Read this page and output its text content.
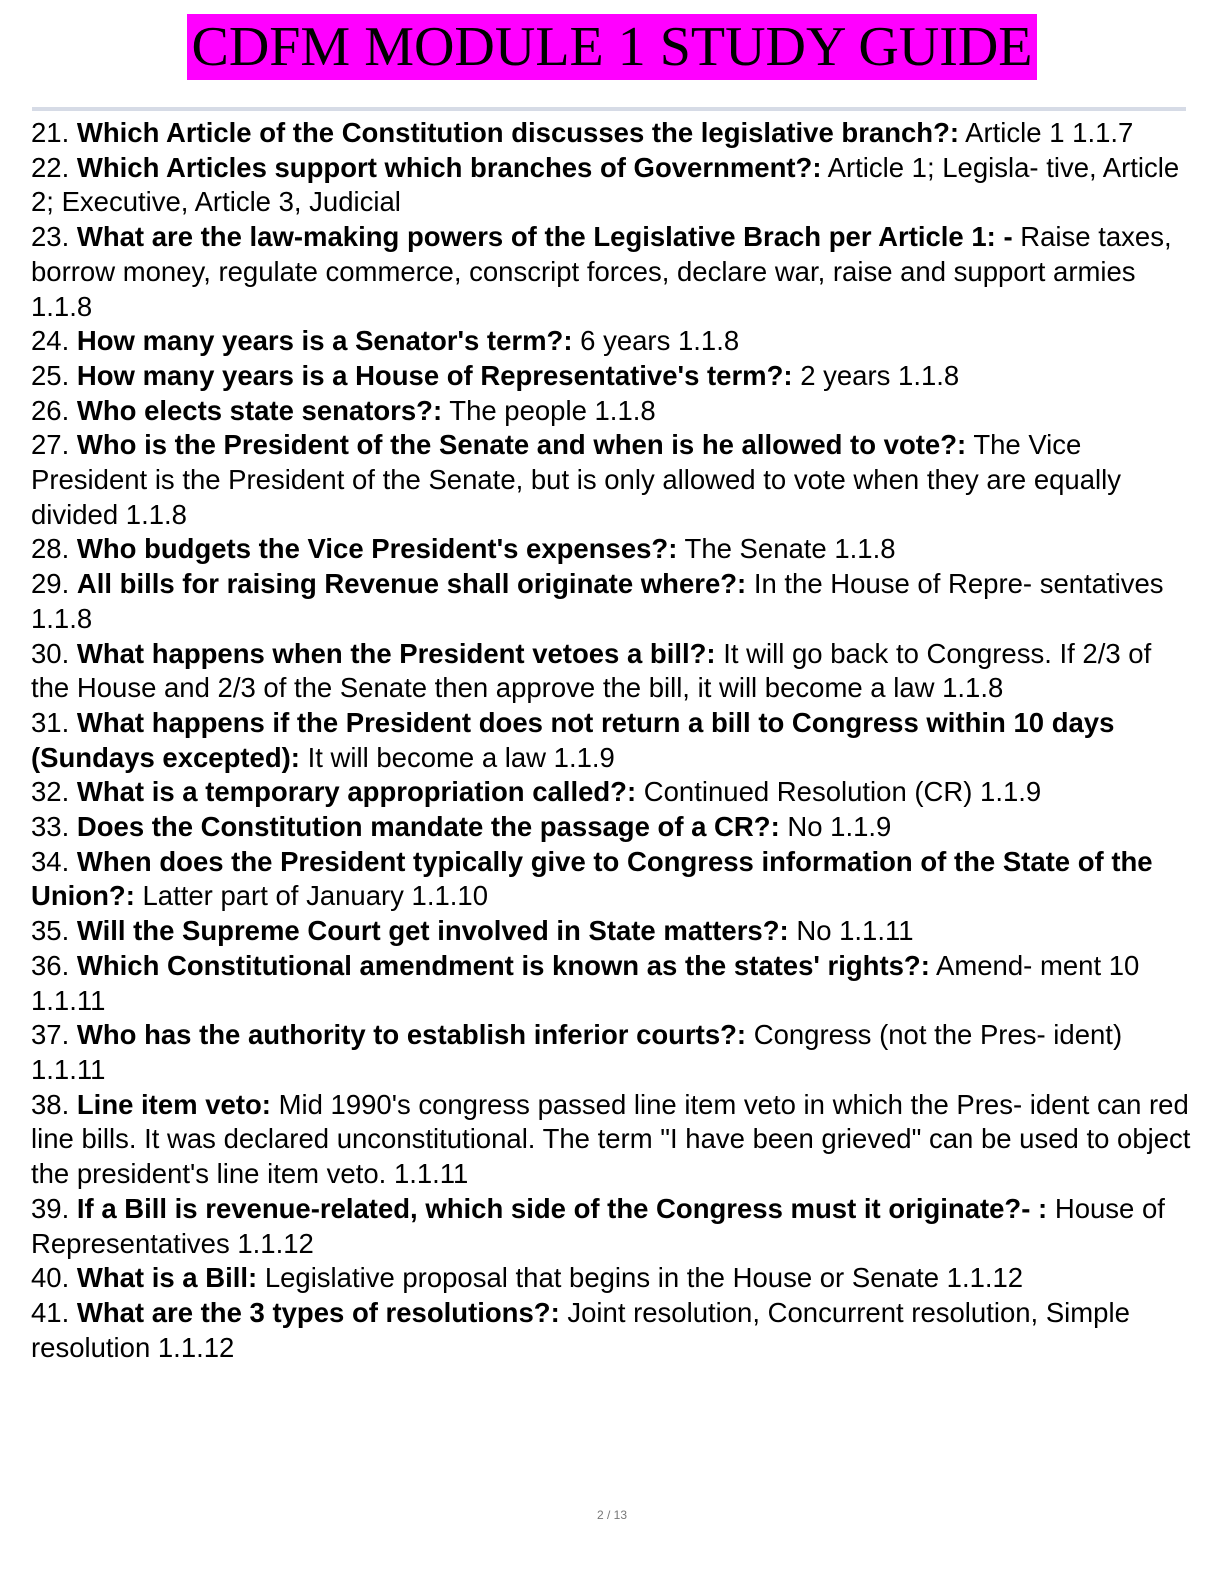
CDFM MODULE 1 STUDY GUIDE

21. Which Article of the Constitution discusses the legislative branch?: Article 1 1.1.7

22. Which Articles support which branches of Government?: Article 1; Legisla- tive, Article 2; Executive, Article 3, Judicial

23. What are the law-making powers of the Legislative Brach per Article 1: - Raise taxes, borrow money, regulate commerce, conscript forces, declare war, raise and support armies 1.1.8

24. How many years is a Senator's term?: 6 years 1.1.8

25. How many years is a House of Representative's term?: 2 years 1.1.8

26. Who elects state senators?: The people 1.1.8

27. Who is the President of the Senate and when is he allowed to vote?: The Vice President is the President of the Senate, but is only allowed to vote when they are equally divided 1.1.8

28. Who budgets the Vice President's expenses?: The Senate 1.1.8

29. All bills for raising Revenue shall originate where?: In the House of Repre- sentatives 1.1.8

30. What happens when the President vetoes a bill?: It will go back to Congress. If 2/3 of the House and 2/3 of the Senate then approve the bill, it will become a law 1.1.8

31. What happens if the President does not return a bill to Congress within 10 days (Sundays excepted): It will become a law 1.1.9

32. What is a temporary appropriation called?: Continued Resolution (CR) 1.1.9

33. Does the Constitution mandate the passage of a CR?: No 1.1.9

34. When does the President typically give to Congress information of the State of the Union?: Latter part of January 1.1.10

35. Will the Supreme Court get involved in State matters?: No 1.1.11

36. Which Constitutional amendment is known as the states' rights?: Amend- ment 10 1.1.11

37. Who has the authority to establish inferior courts?: Congress (not the Pres- ident) 1.1.11

38. Line item veto: Mid 1990's congress passed line item veto in which the Pres- ident can red line bills. It was declared unconstitutional. The term "I have been grieved" can be used to object the president's line item veto. 1.1.11

39. If a Bill is revenue-related, which side of the Congress must it originate?- : House of Representatives 1.1.12

40. What is a Bill: Legislative proposal that begins in the House or Senate 1.1.12

41. What are the 3 types of resolutions?: Joint resolution, Concurrent resolution, Simple resolution 1.1.12

2 / 13
